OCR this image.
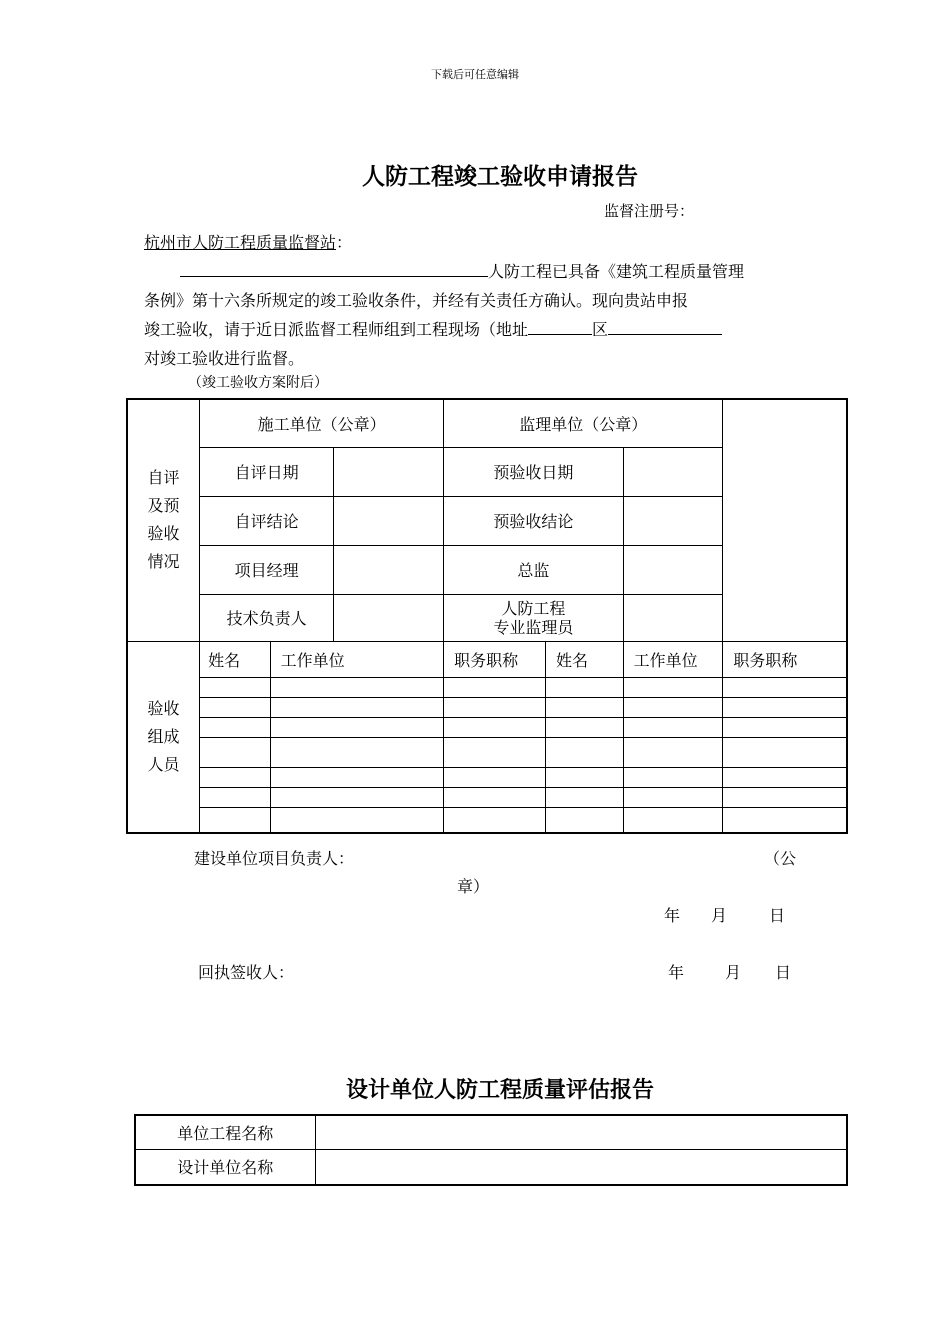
下载后可任意编辑
人防工程竣工验收申请报告
监督注册号：
杭州市人防工程质量监督站：
人防工程已具备《建筑工程质量管理
条例》第十六条所规定的竣工验收条件，并经有关责任方确认。现向贵站申报
竣工验收，请于近日派监督工程师组到工程现场（地址	区
对竣工验收进行监督。
（竣工验收方案附后）
自评
及预
验收
情况	施工单位（公章）			监理单位（公章）			
	自评日期			预验收日期			
	自评结论			预验收结论			
	项目经理			总监			
	技术负责人			人防工程
专业监理员			

验收
组成
人员	姓名	工作单位		职务职称	姓名	工作单位	职务职称

建设单位项目负责人：	（公
章）
年 月	日
回执签收人：	年	月 日
设计单位人防工程质量评估报告
单位工程名称	
设计单位名称	
